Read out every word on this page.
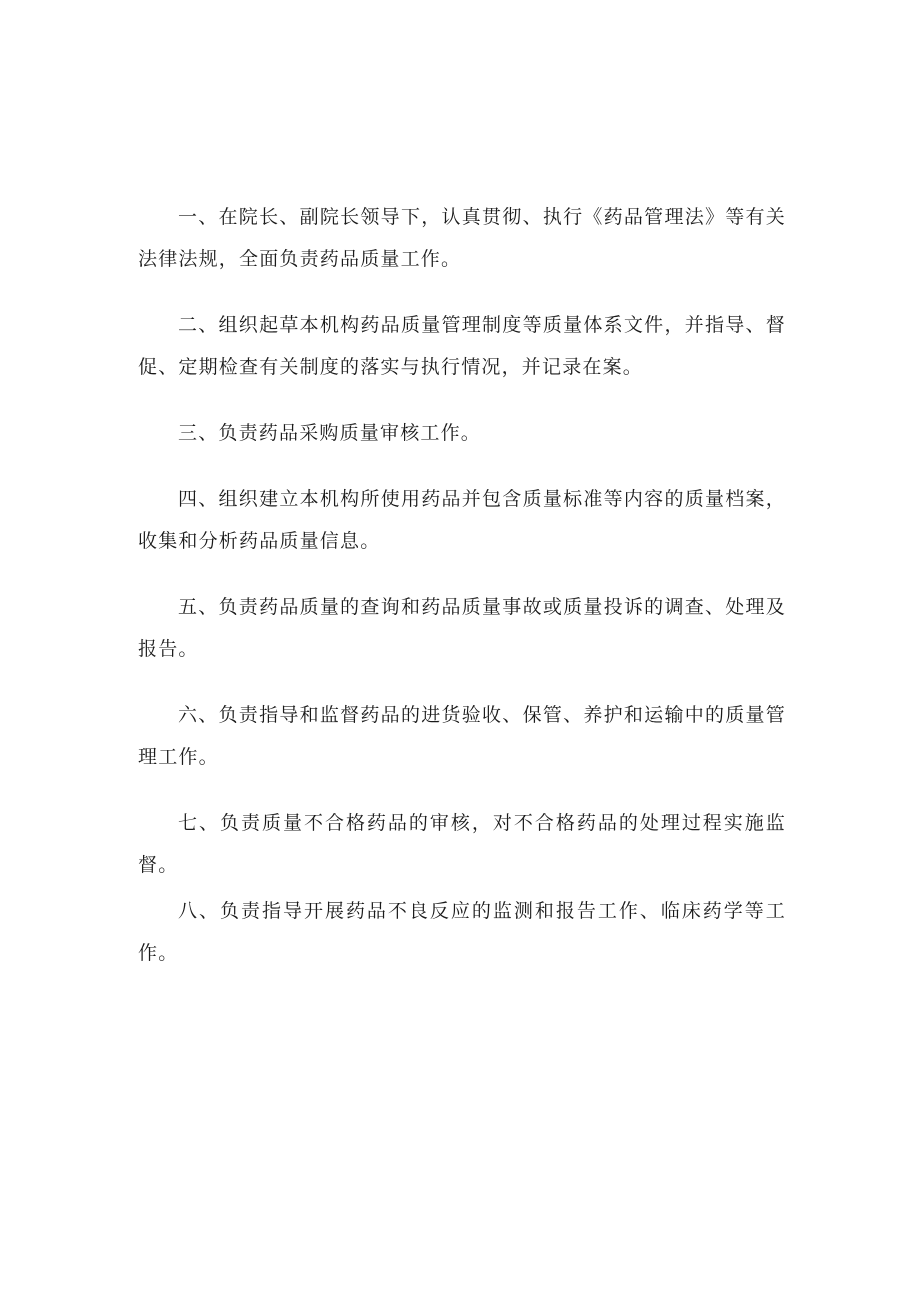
一、在院长、副院长领导下，认真贯彻、执行《药品管理法》等有关法律法规，全面负责药品质量工作。

二、组织起草本机构药品质量管理制度等质量体系文件，并指导、督促、定期检查有关制度的落实与执行情况，并记录在案。

三、负责药品采购质量审核工作。

四、组织建立本机构所使用药品并包含质量标准等内容的质量档案，收集和分析药品质量信息。

五、负责药品质量的查询和药品质量事故或质量投诉的调查、处理及报告。

六、负责指导和监督药品的进货验收、保管、养护和运输中的质量管理工作。

七、负责质量不合格药品的审核，对不合格药品的处理过程实施监督。

八、负责指导开展药品不良反应的监测和报告工作、临床药学等工作。
